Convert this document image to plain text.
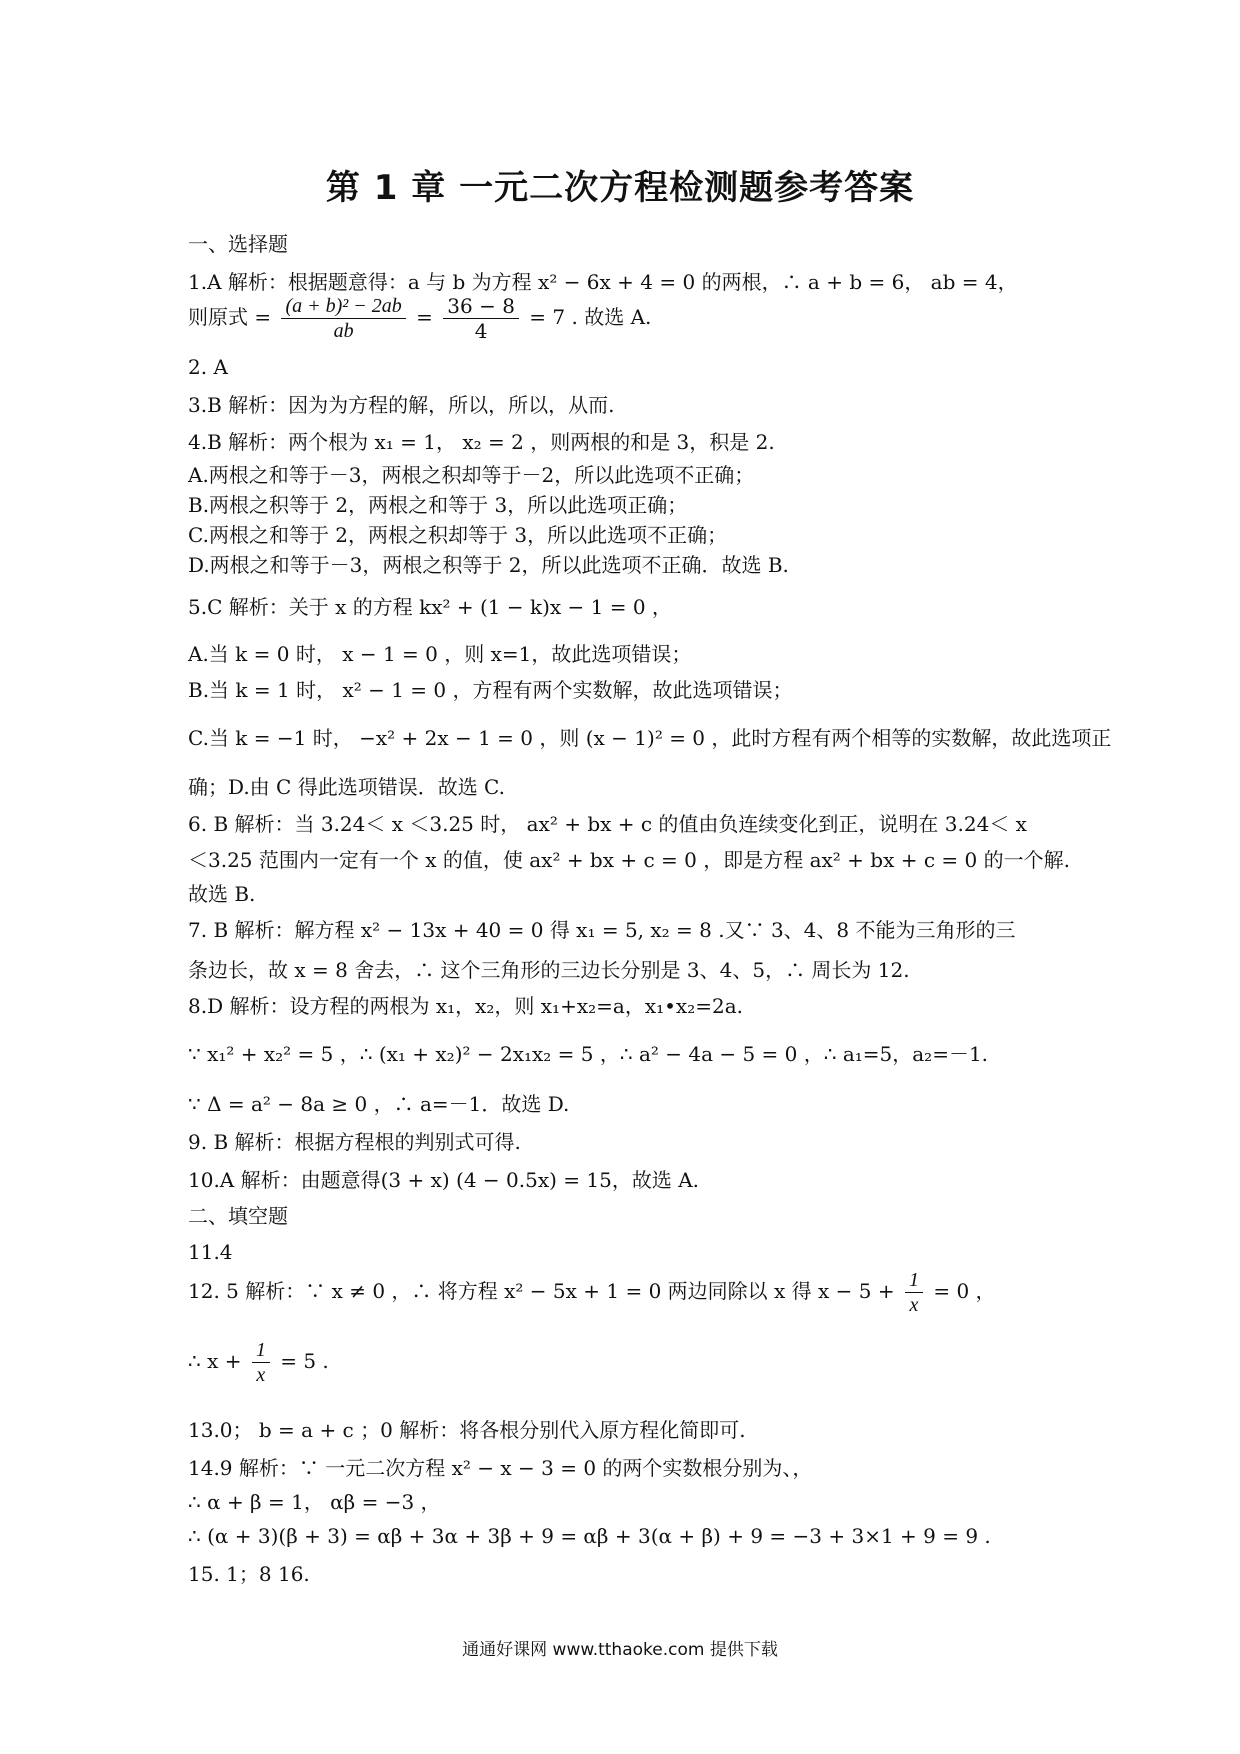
第 1 章 一元二次方程检测题参考答案
一、选择题
1.A 解析：根据题意得：a 与 b 为方程 x² − 6x + 4 = 0 的两根，∴ a + b = 6， ab = 4，
则原式 = $\frac{\text{(a + b)² − 2ab}}{ab} = \frac{36 - 8}{4} = 7$ . 故选 A.
2. A
3.B 解析：因为为方程的解，所以，所以，从而.
4.B 解析：两个根为 x₁ = 1， x₂ = 2 ，则两根的和是 3，积是 2.
A.两根之和等于－3，两根之积却等于－2，所以此选项不正确；
B.两根之积等于 2，两根之和等于 3，所以此选项正确；
C.两根之和等于 2，两根之积却等于 3，所以此选项不正确；
D.两根之和等于－3，两根之积等于 2，所以此选项不正确．故选 B.
5.C 解析：关于 x 的方程 kx² + (1 − k)x − 1 = 0 ，
A.当 k = 0 时， x − 1 = 0 ，则 x=1，故此选项错误；
B.当 k = 1 时， x² − 1 = 0 ，方程有两个实数解，故此选项错误；
C.当 k = −1 时， −x² + 2x − 1 = 0 ，则 (x − 1)² = 0 ，此时方程有两个相等的实数解，故此选项正
确；D.由 C 得此选项错误．故选 C.
6. B 解析：当 3.24＜ x ＜3.25 时， ax² + bx + c 的值由负连续变化到正，说明在 3.24＜ x
＜3.25 范围内一定有一个 x 的值，使 ax² + bx + c = 0 ，即是方程 ax² + bx + c = 0 的一个解.
故选 B.
7. B 解析：解方程 x² − 13x + 40 = 0 得 x₁ = 5, x₂ = 8 .又∵ 3、4、8 不能为三角形的三
条边长，故 x = 8 舍去，∴ 这个三角形的三边长分别是 3、4、5，∴ 周长为 12.
8.D 解析：设方程的两根为 x₁，x₂，则 x₁+x₂=a，x₁•x₂=2a.
∵ x₁² + x₂² = 5 ，∴ (x₁ + x₂)² − 2x₁x₂ = 5 ，∴ a² − 4a − 5 = 0 ，∴ a₁=5，a₂=－1.
∵ Δ = a² − 8a ≥ 0 ，∴ a=－1．故选 D.
9. B 解析：根据方程根的判别式可得.
10.A 解析：由题意得(3 + x) (4 − 0.5x) = 15，故选 A.
二、填空题
11.4
12. 5 解析：∵ x ≠ 0 ，∴ 将方程 x² − 5x + 1 = 0 两边同除以 x 得 $x - 5 + \frac{1}{x} = 0$ ，
∴ $x + \frac{1}{x} = 5$ .
13.0； b = a + c ；0 解析：将各根分别代入原方程化简即可.
14.9 解析：∵ 一元二次方程 x² − x − 3 = 0 的两个实数根分别为、，
∴ α + β = 1， αβ = −3 ，
∴ (α + 3)(β + 3) = αβ + 3α + 3β + 9 = αβ + 3(α + β) + 9 = −3 + 3×1 + 9 = 9 .
15. 1；8 16.
通通好课网 www.tthaoke.com 提供下载
